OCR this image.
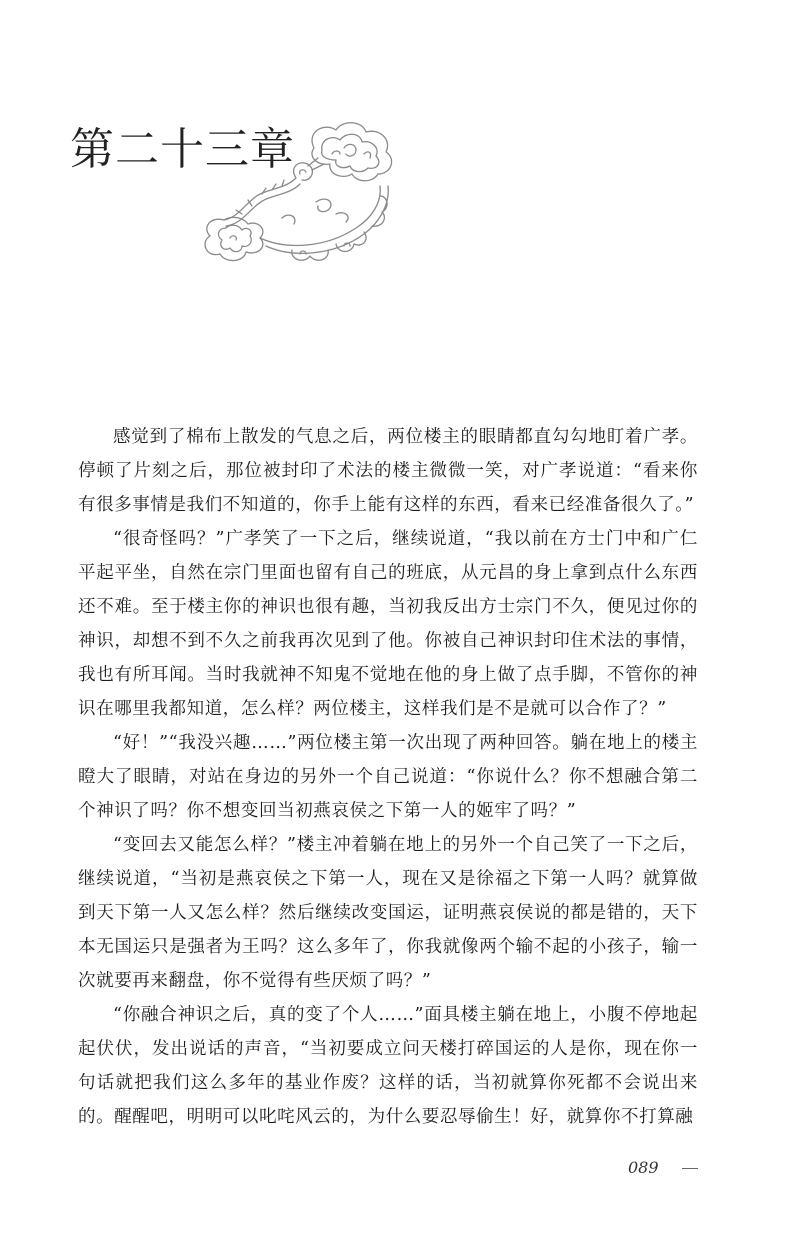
第二十三章

感觉到了棉布上散发的气息之后，两位楼主的眼睛都直勾勾地盯着广孝。停顿了片刻之后，那位被封印了术法的楼主微微一笑，对广孝说道：“看来你有很多事情是我们不知道的，你手上能有这样的东西，看来已经准备很久了。”

“很奇怪吗？”广孝笑了一下之后，继续说道，“我以前在方士门中和广仁平起平坐，自然在宗门里面也留有自己的班底，从元昌的身上拿到点什么东西还不难。至于楼主你的神识也很有趣，当初我反出方士宗门不久，便见过你的神识，却想不到不久之前我再次见到了他。你被自己神识封印住术法的事情，我也有所耳闻。当时我就神不知鬼不觉地在他的身上做了点手脚，不管你的神识在哪里我都知道，怎么样？两位楼主，这样我们是不是就可以合作了？”

“好！”“我没兴趣……”两位楼主第一次出现了两种回答。躺在地上的楼主瞪大了眼睛，对站在身边的另外一个自己说道：“你说什么？你不想融合第二个神识了吗？你不想变回当初燕哀侯之下第一人的姬牢了吗？”

“变回去又能怎么样？”楼主冲着躺在地上的另外一个自己笑了一下之后，继续说道，“当初是燕哀侯之下第一人，现在又是徐福之下第一人吗？就算做到天下第一人又怎么样？然后继续改变国运，证明燕哀侯说的都是错的，天下本无国运只是强者为王吗？这么多年了，你我就像两个输不起的小孩子，输一次就要再来翻盘，你不觉得有些厌烦了吗？”

“你融合神识之后，真的变了个人……”面具楼主躺在地上，小腹不停地起起伏伏，发出说话的声音，“当初要成立问天楼打碎国运的人是你，现在你一句话就把我们这么多年的基业作废？这样的话，当初就算你死都不会说出来的。醒醒吧，明明可以叱咤风云的，为什么要忍辱偷生！好，就算你不打算融

089
